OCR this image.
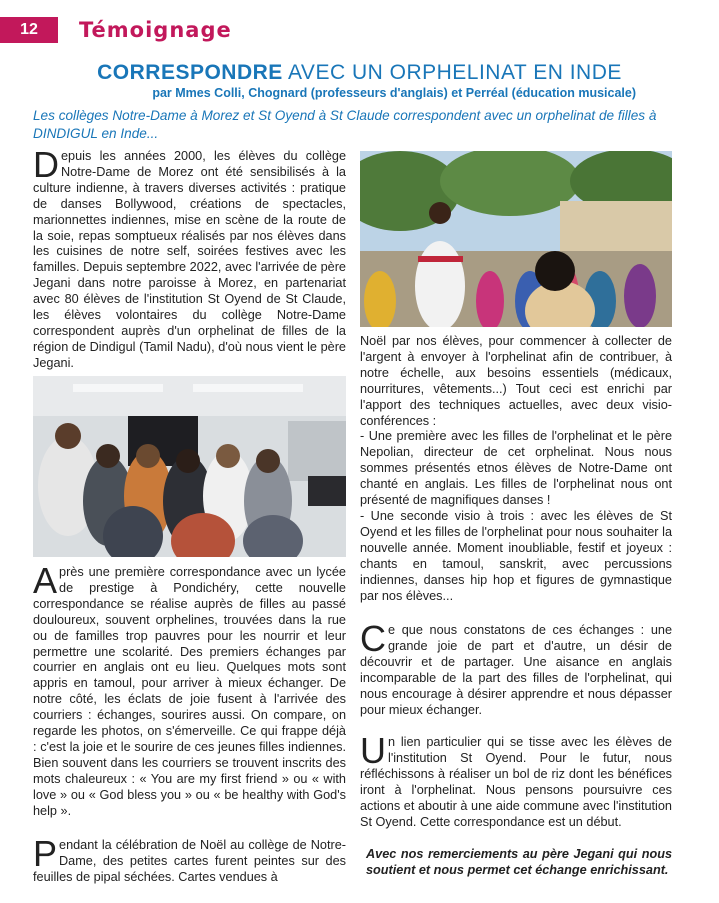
12	Témoignage
CORRESPONDRE AVEC UN ORPHELINAT EN INDE
par Mmes Colli, Chognard (professeurs d'anglais) et Perréal (éducation musicale)
Les collèges Notre-Dame à Morez et St Oyend à St Claude correspondent avec un orphelinat de filles à DINDIGUL en Inde...

Depuis les années 2000, les élèves du collège Notre-Dame de Morez ont été sensibilisés à la culture indienne, à travers diverses activités : pratique de danses Bollywood, créations de spectacles, marionnettes indiennes, mise en scène de la route de la soie, repas somptueux réalisés par nos élèves dans les cuisines de notre self, soirées festives avec les familles. Depuis septembre 2022, avec l'arrivée de père Jegani dans notre paroisse à Morez, en partenariat avec 80 élèves de l'institution St Oyend de St Claude, les élèves volontaires du collège Notre-Dame correspondent auprès d'un orphelinat de filles de la région de Dindigul (Tamil Nadu), d'où nous vient le père Jegani.

Après une première correspondance avec un lycée de prestige à Pondichéry, cette nouvelle correspondance se réalise auprès de filles au passé douloureux, souvent orphelines, trouvées dans la rue ou de familles trop pauvres pour les nourrir et leur permettre une scolarité. Des premiers échanges par courrier en anglais ont eu lieu. Quelques mots sont appris en tamoul, pour arriver à mieux échanger. De notre côté, les éclats de joie fusent à l'arrivée des courriers : échanges, sourires aussi. On compare, on regarde les photos, on s'émerveille. Ce qui frappe déjà : c'est la joie et le sourire de ces jeunes filles indiennes. Bien souvent dans les courriers se trouvent inscrits des mots chaleureux : « You are my first friend » ou « with love » ou « God bless you » ou « be healthy with God's help ».

Pendant la célébration de Noël au collège de Notre-Dame, des petites cartes furent peintes sur des feuilles de pipal séchées. Cartes vendues à

Noël par nos élèves, pour commencer à collecter de l'argent à envoyer à l'orphelinat afin de contribuer, à notre échelle, aux besoins essentiels (médicaux, nourritures, vêtements...) Tout ceci est enrichi par l'apport des techniques actuelles, avec deux visio-conférences :
- Une première avec les filles de l'orphelinat et le père Nepolian, directeur de cet orphelinat. Nous nous sommes présentés etnos élèves de Notre-Dame ont chanté en anglais. Les filles de l'orphelinat nous ont présenté de magnifiques danses !
- Une seconde visio à trois : avec les élèves de St Oyend et les filles de l'orphelinat pour nous souhaiter la nouvelle année. Moment inoubliable, festif et joyeux : chants en tamoul, sanskrit, avec percussions indiennes, danses hip hop et figures de gymnastique par nos élèves...

Ce que nous constatons de ces échanges : une grande joie de part et d'autre, un désir de découvrir et de partager. Une aisance en anglais incomparable de la part des filles de l'orphelinat, qui nous encourage à désirer apprendre et nous dépasser pour mieux échanger.

Un lien particulier qui se tisse avec les élèves de l'institution St Oyend. Pour le futur, nous réfléchissons à réaliser un bol de riz dont les bénéfices iront à l'orphelinat. Nous pensons poursuivre ces actions et aboutir à une aide commune avec l'institution St Oyend. Cette correspondance est un début.

Avec nos remerciements au père Jegani qui nous soutient et nous permet cet échange enrichissant.
